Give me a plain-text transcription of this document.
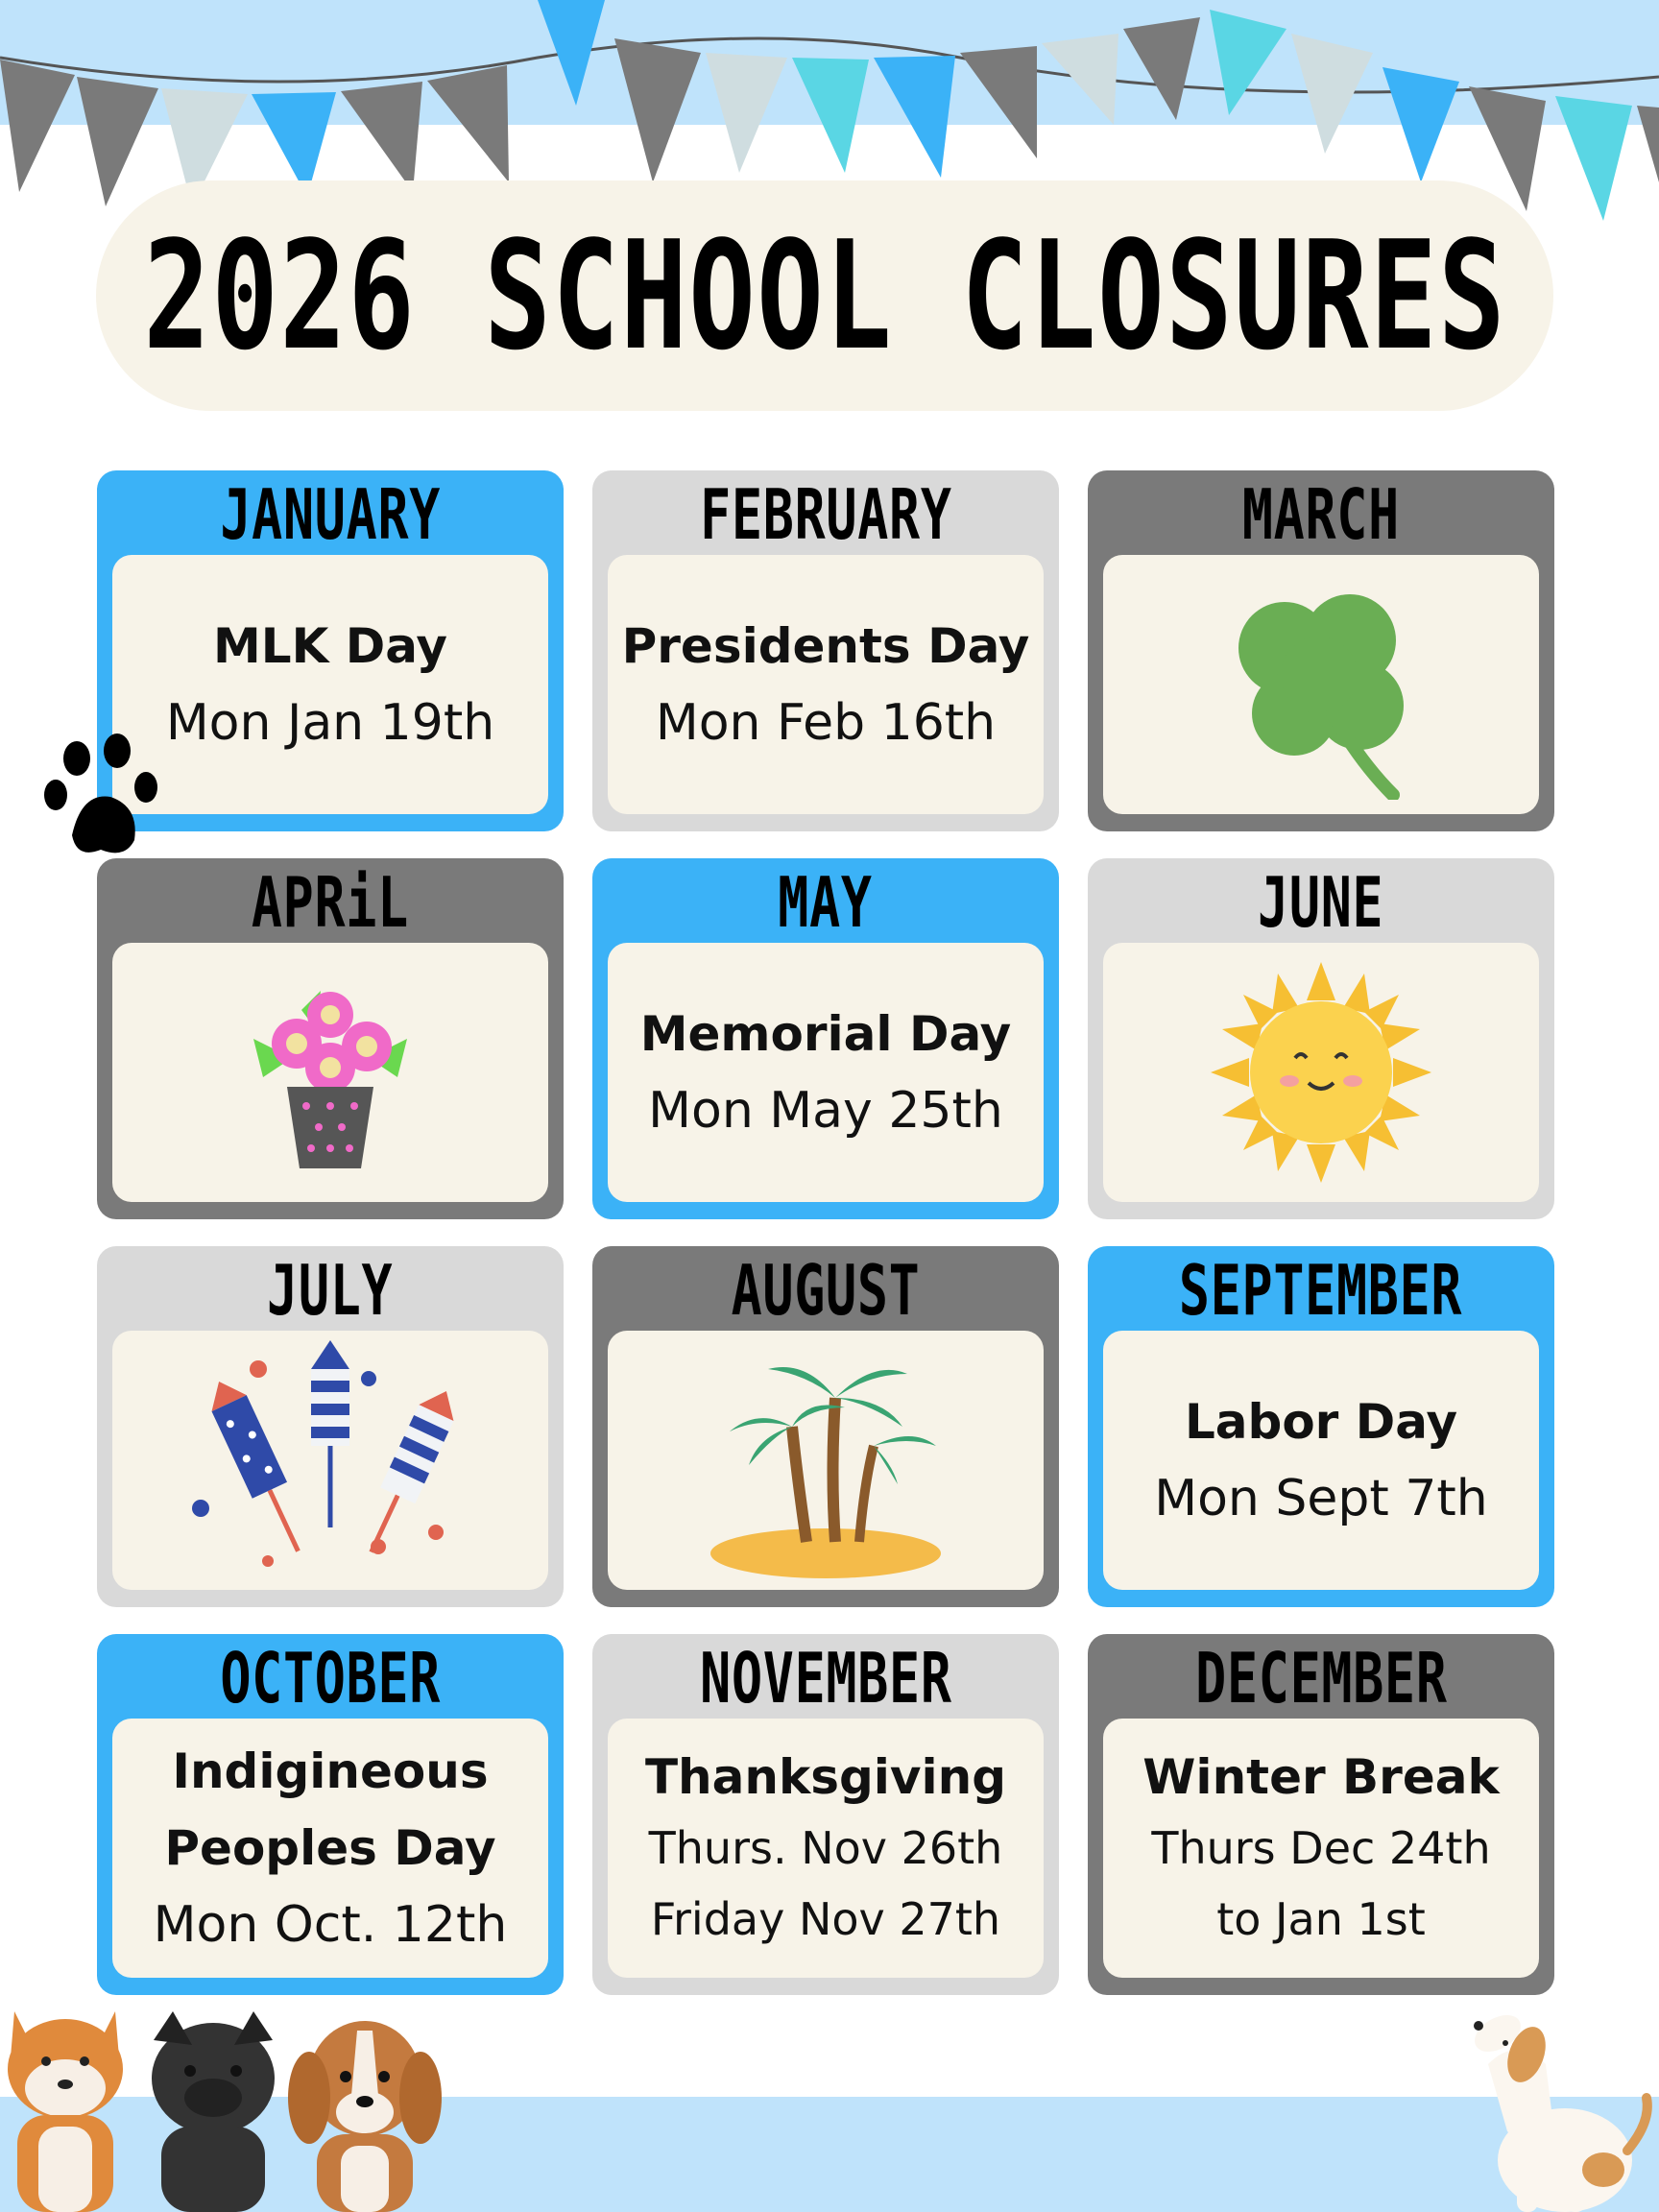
2026 SCHOOL CLOSURES
JANUARY
MLK Day
Mon Jan 19th
FEBRUARY
Presidents Day
Mon Feb 16th
MARCH
APRiL	MAY
Memorial Day
Mon May 25th
JUNE
JULY	AUGUST	SEPTEMBER
Labor Day
Mon Sept 7th
OCTOBER
Indigineous
Peoples Day
Mon Oct. 12th
NOVEMBER
Thanksgiving
Thurs. Nov 26th
Friday Nov 27th
DECEMBER
Winter Break
Thurs Dec 24th
to Jan 1st
